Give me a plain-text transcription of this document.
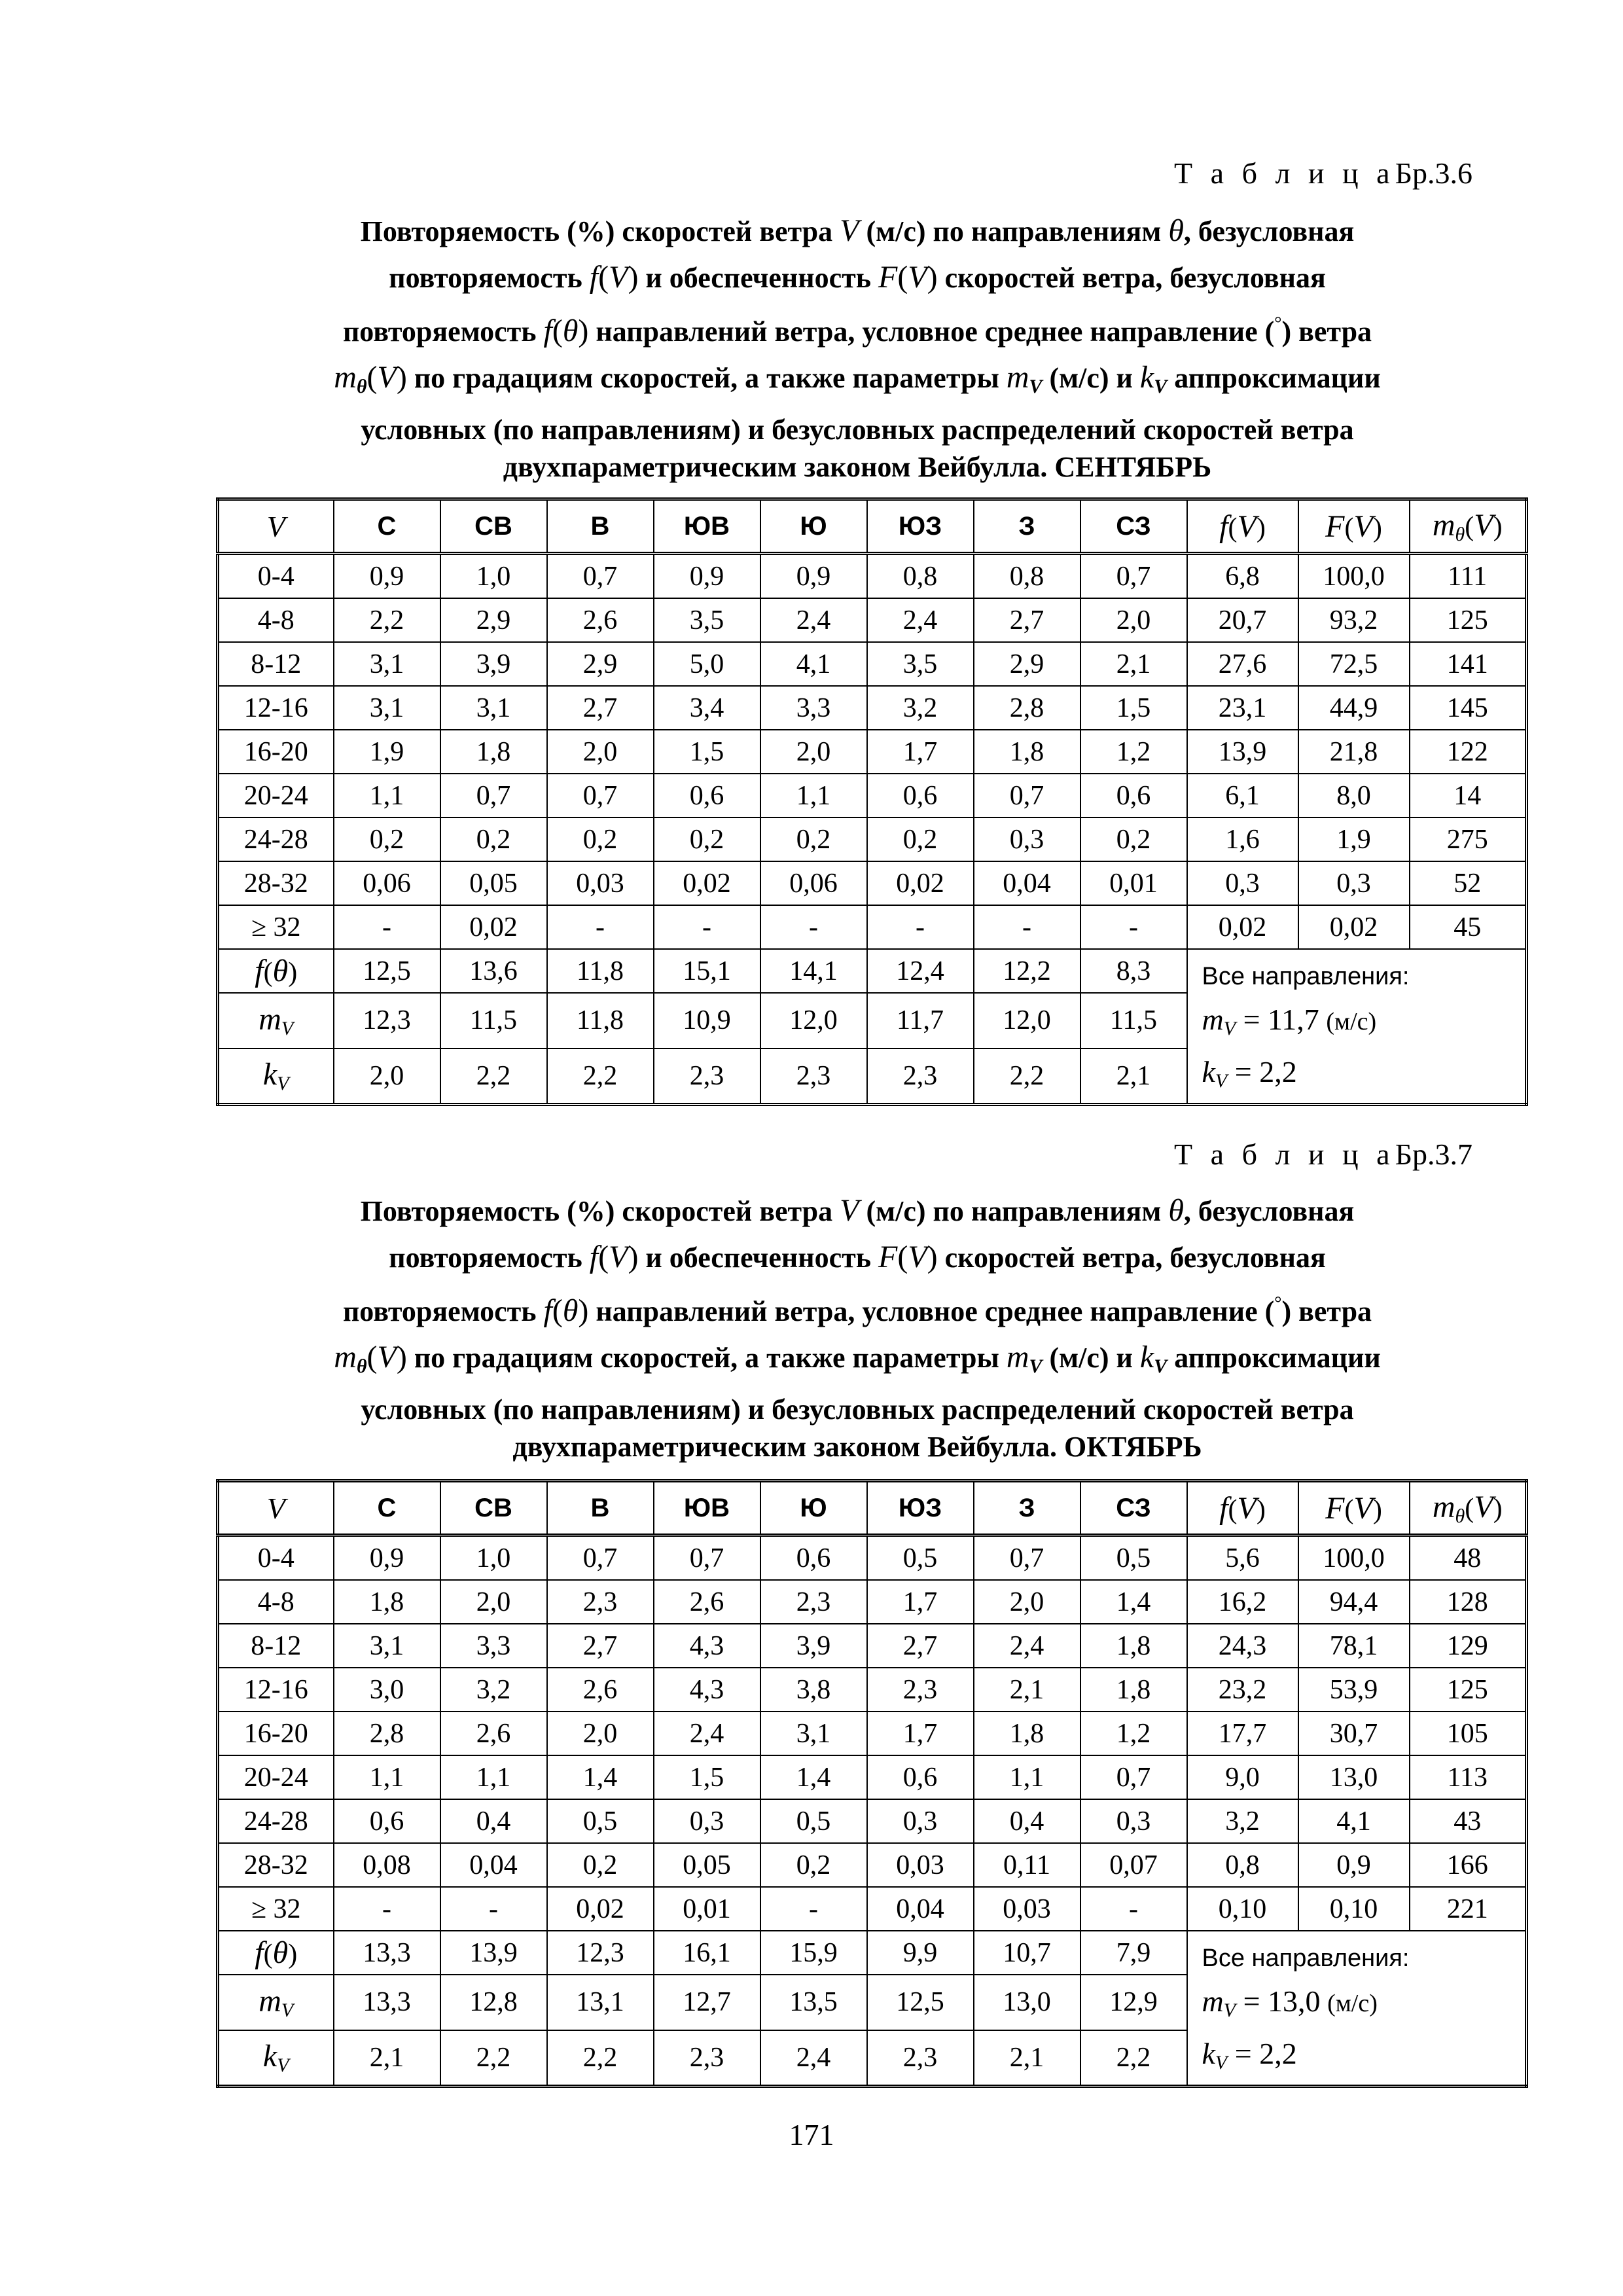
Т а б л и ц аБр.3.6
Повторяемость (%) скоростей ветра V (м/с) по направлениям θ, безусловная
повторяемость f(V) и обеспеченность F(V) скоростей ветра, безусловная
повторяемость f(θ) направлений ветра, условное среднее направление (°) ветра
$m_\theta(V)$ по градациям скоростей, а также параметры $m_V$ (м/с) и $k_V$ аппроксимации
условных (по направлениям) и безусловных распределений скоростей ветра
двухпараметрическим законом Вейбулла. СЕНТЯБРЬ
V	С	СВ	В	ЮВ	Ю	ЮЗ	З	СЗ	f(V)	F(V)	$m_\theta(V)$
0-4	0,9	1,0	0,7	0,9	0,9	0,8	0,8	0,7	6,8	100,0	111
4-8	2,2	2,9	2,6	3,5	2,4	2,4	2,7	2,0	20,7	93,2	125
8-12	3,1	3,9	2,9	5,0	4,1	3,5	2,9	2,1	27,6	72,5	141
12-16	3,1	3,1	2,7	3,4	3,3	3,2	2,8	1,5	23,1	44,9	145
16-20	1,9	1,8	2,0	1,5	2,0	1,7	1,8	1,2	13,9	21,8	122
20-24	1,1	0,7	0,7	0,6	1,1	0,6	0,7	0,6	6,1	8,0	14
24-28	0,2	0,2	0,2	0,2	0,2	0,2	0,3	0,2	1,6	1,9	275
28-32	0,06	0,05	0,03	0,02	0,06	0,02	0,04	0,01	0,3	0,3	52
≥ 32	-	0,02	-	-	-	-	-	-	0,02	0,02	45
f(θ)	12,5	13,6	11,8	15,1	14,1	12,4	12,2	8,3	Все направления:
$m_V = 11,7$ (м/с)
$k_V = 2,2$		

$m_V$	12,3	11,5	11,8	10,9	12,0	11,7	12,0	11,5			
$k_V$	2,0	2,2	2,2	2,3	2,3	2,3	2,2	2,1			
Т а б л и ц аБр.3.7
Повторяемость (%) скоростей ветра V (м/с) по направлениям θ, безусловная
повторяемость f(V) и обеспеченность F(V) скоростей ветра, безусловная
повторяемость f(θ) направлений ветра, условное среднее направление (°) ветра
$m_\theta(V)$ по градациям скоростей, а также параметры $m_V$ (м/с) и $k_V$ аппроксимации
условных (по направлениям) и безусловных распределений скоростей ветра
двухпараметрическим законом Вейбулла. ОКТЯБРЬ
V	С	СВ	В	ЮВ	Ю	ЮЗ	З	СЗ	f(V)	F(V)	$m_\theta(V)$
0-4	0,9	1,0	0,7	0,7	0,6	0,5	0,7	0,5	5,6	100,0	48
4-8	1,8	2,0	2,3	2,6	2,3	1,7	2,0	1,4	16,2	94,4	128
8-12	3,1	3,3	2,7	4,3	3,9	2,7	2,4	1,8	24,3	78,1	129
12-16	3,0	3,2	2,6	4,3	3,8	2,3	2,1	1,8	23,2	53,9	125
16-20	2,8	2,6	2,0	2,4	3,1	1,7	1,8	1,2	17,7	30,7	105
20-24	1,1	1,1	1,4	1,5	1,4	0,6	1,1	0,7	9,0	13,0	113
24-28	0,6	0,4	0,5	0,3	0,5	0,3	0,4	0,3	3,2	4,1	43
28-32	0,08	0,04	0,2	0,05	0,2	0,03	0,11	0,07	0,8	0,9	166
≥ 32	-	-	0,02	0,01	-	0,04	0,03	-	0,10	0,10	221
f(θ)	13,3	13,9	12,3	16,1	15,9	9,9	10,7	7,9	Все направления:
$m_V = 13,0$ (м/с)
$k_V = 2,2$		

$m_V$	13,3	12,8	13,1	12,7	13,5	12,5	13,0	12,9			
$k_V$	2,1	2,2	2,2	2,3	2,4	2,3	2,1	2,2			
171
